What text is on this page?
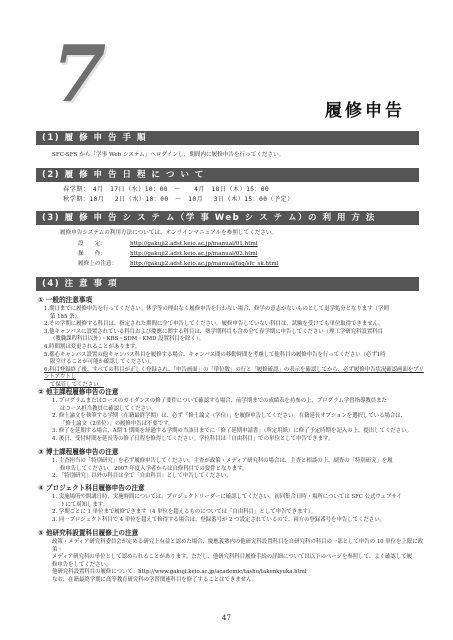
7	履修申告
(1) 履 修 申 告 手 順
SFC-SFS から「学事 Web システム」へログインし、期間内に履修申告を行ってください。
(2) 履 修 申 告 日 程 に つ い て
春学期：　4月　17日（水）10：00　～　　4月　18日（木）15：00
秋学期：10月　 2日（水）10：00　～　10月　 3日（木）15：00（予定）
(3) 履 修 申 告 シ ス テ ム（学 事 Web シ ス テ ム）の 利 用 方 法
履修申告システムの利用方法については、オンラインマニュアルを参照してください。
設　　定：	http://gakuji2.adst.keio.ac.jp/manual/01.html
操　　作：	http://gakuji2.adst.keio.ac.jp/manual/02.html
履修上の注意： http://gakuji2.adst.keio.ac.jp/manual/faq/sfc_sk.html
(4) 注 意 事 項
① 一般的注意事項
1.期日までに履修申告を行ってください。休学等の理由なく履修申告を行わない場合、修学の意志がないものとして退学処分となります（学則
第 185 条）。
2.その学期に履修する科目は、指定された期間に全て申告してください。履修申告していない科目は、試験を受けても単位取得できません。
3.他キャンパスに設置されている科目および慶應に関する科目は、塾学期科目も含め全て春学期に申告してください（理工学研究科設置科目
（教職課程科目以外）・KBS・SDM・KMD 設置科目を除く）。
4.時間割は変更されることがあります。
5.都心キャンパス設置の他キャンパス科目を履修する場合、キャンパス間の移動時間を考慮して他科目の履修申告を行ってください（必ず1時
限空けることが可能か確認してください）。
6.科目登録終了後、すべての科目が正しく登録され、「申告画面」の「単位数」の行と「履修確認」の表示を確認してから、必ず履修申告状況確認画面をプリントアウトし
て保管してください。
② 他主課程履修申告の注意
1. プログラムまたはコースのガイダンスの修了要件について確認する場合、前学期までの成績表を持参の上、プログラム学習指導教員また
はコース担当教員に確認してください。
2. 修士論文を執筆する学期（在籍最終学期）は、必ず「修士論文（学位）」を履修申告してください。在籍延長オプションを選択している場合は、
「修士論文（2単位）」の履修申告は不要です。
3. 修了を延期する場合、A期 1 期間を経過する学期の当該日までに「修了延期申請書」（所定用紙）に修了予定時期を記入の上、提出してください。
4. 後日、受付時間を延長等の修了日程を修得してください。学位科目は「自由科目」での単位として申告できます。
③ 博士課程履修申告の注意
1. 主査担当の「特別研究」を必ず履修申告してください。主査が政策・メディア研究科の場合は、主査と相談の上、副査の「特別研究」を履
修申告してください。2007 年度入学者からは自修科目での要件となります。
2. 「特別研究」以外の科目は全て「自由科目」として申告してください。
④ プロジェクト科目履修申告の注意
1. 実施場所や開講日時、実施時間については、プロジェクトリーダーに確認してください。初回集合日時・場所については SFC 公式ウェブサイ
トにて周知します。
2. 学期ごとに 1 単位まで履修できます（4 単位を超えるものについては「自由科目」として申告できます）。
3. 同一プロジェクト科目で 4 単位を超えて修得する場合は、登録番号が 2 つ設定されているので、両方の登録番号を申告してください。
⑤ 他研究科設置科目履修上の注意
政策・メディア研究科委員会が定める研究上有益と認めた場合、慶應義塾内の他研究科設置科目を自研究科の科目の一部として申告の 10 単位を上限に政策・
メディア研究科の単位として認められることがあります。ただし、他研究科科目履修手続の詳細については以下のページを参照して、よく確認して履
修申告をしてください。
他研究科設置科目の履修について：http://www.gakuji.keio.ac.jp/academic/tashu/takenkyuka.html
なお、在籍最終学期に高等教育研究科の学習関連科目を修了することはできません。
47
